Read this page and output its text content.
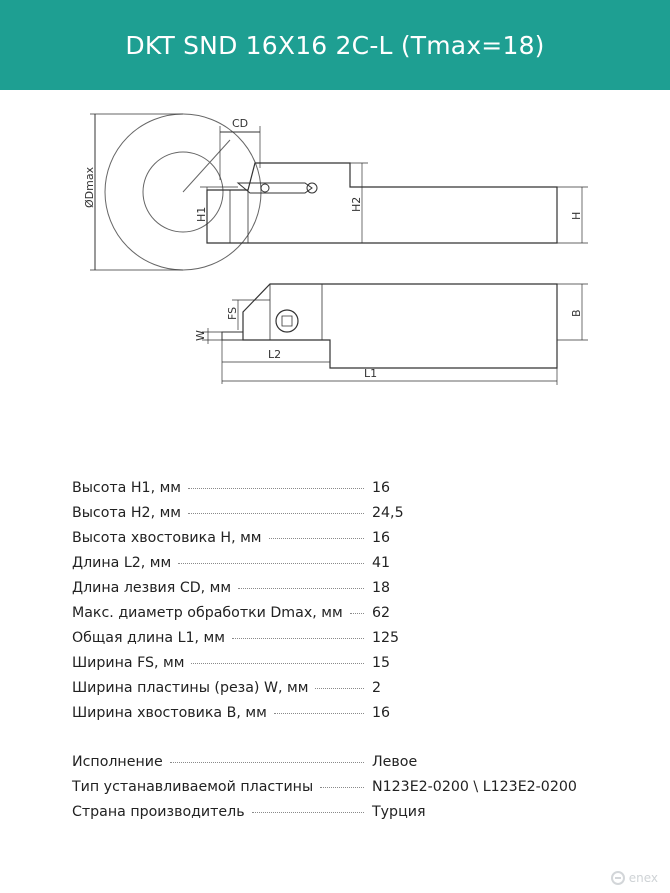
DKT SND 16X16 2C-L (Tmax=18)
ØDmax
CD
H1
H2
H
FS
W
B
L2
L1
Высота H1, мм	16
Высота H2, мм	24,5
Высота хвостовика H, мм	16
Длина L2, мм	41
Длина лезвия CD, мм	18
Макс. диаметр обработки Dmax, мм 62
Общая длина L1, мм	125
Ширина FS, мм	15
Ширина пластины (реза) W, мм	2
Ширина хвостовика B, мм	16
Исполнение	Левое
Тип устанавливаемой пластины	N123E2-0200 \ L123E2-0200
Страна производитель	Турция
enex
